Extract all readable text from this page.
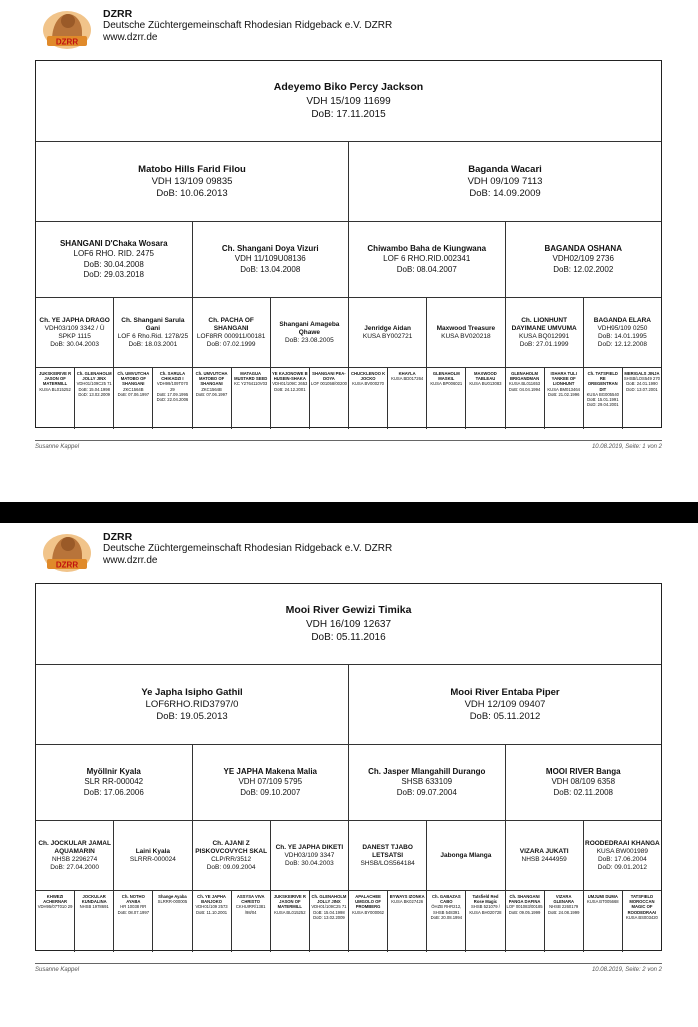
DZRR
DZRR
Deutsche Züchtergemeinschaft Rhodesian Ridgeback e.V. DZRR
www.dzrr.de
Adeyemo Biko Percy Jackson
VDH 15/109 11699
DoB: 17.11.2015
Matobo Hills Farid Filou
VDH 13/109 09835
DoB: 10.06.2013
Baganda Wacari
VDH 09/109 7113
DoB: 14.09.2009
SHANGANI D'Chaka Wosara
LOF6 RHO. RID. 2475
DoB: 30.04.2008
DoD: 29.03.2018
Ch. Shangani Doya Vizuri
VDH 11/109U08136
DoB: 13.04.2008
Chiwambo Baha de Kiungwana
LOF 6 RHO.RID.002341
DoB: 08.04.2007
BAGANDA OSHANA
VDH02/109 2736
DoB: 12.02.2002
Ch. YE JAPHA DRAGO
VDH03/109 3342 / Ü SPKP 1115
DoB: 30.04.2003
Ch. Shangani Sarula Gani
LOF 6 Rho.Rid. 1278/25
DoB: 18.03.2001
Ch. PACHA OF SHANGANI
LOF8RR 000911/00181
DoB: 07.02.1999
Shangani Amageba Qhawe
DoB: 23.08.2005
Jenridge Aidan
KUSA BY002721
Maxwood Treasure
KUSA BV020218
Ch. LIONHUNT DAYIMANE UMVUMA
KUSA BQ012991
DoB: 27.01.1999
BAGANDA ELARA
VDH95/109 0250
DoB: 14.01.1995
DoD: 12.12.2008
JUKSKEIRIVE R JASON OF MATERMILL
KUSA BL015252
Ch. GLENAHOLM JOLLY JINX
VDH01/109C25 71
DoB: 15.04.1998
DoD: 13.02.2009
Ch. UMVUTCHA MATOBO OF SHANGANI
ZKC1564B
DoB: 07.06.1997
Ch. SARULA CHIKADZI I
VDH99/109T070 29
DoB: 17.09.1995
DoD: 22.04.2006
Ch. UMVUTCHA MATOBO OF SHANGANI
ZKC1564B
DoB: 07.06.1997
MATAGUA MUSTARD SEED
KC Y2764110V03
YE KAJONOWE B HUSEIN-SHAKA
VDH01/109C 2653
DoB: 24.12.2001
SHANGANI PEA-DOYA
LOF 001058/00200
CHUCKLENOO K JOCKO
KUSA BV000270
KHAYLA
KUSA BD017264
GLENAHOLM MASKIL
KUSA BP006021
MAXWOOD TABLEAU
KUSA BU013083
GLENAHOLM BRIGANDMAN
KUSA BL011653
DoB: 04.04.1994
ISHARA TULI YANKEE OF LIONHUNT
KUSA BM013464
DoB: 21.02.1996
Ch. TATSFIELD RE OREGENTRAN DIT
KUSA BG005540
DoB: 15.01.1991
DoD: 29.04.2001
MERIGALS JINJA
SHSB/LOS549 270
DoB: 24.01.1990
DoD: 13.07.2001
Susanne Kappel	10.08.2019, Seite: 1 von 2
DZRR
DZRR
Deutsche Züchtergemeinschaft Rhodesian Ridgeback e.V. DZRR
www.dzrr.de
Mooi River Gewizi Timika
VDH 16/109 12637
DoB: 05.11.2016
Ye Japha Isipho Gathil
LOF6RHO.RID3797/0
DoB: 19.05.2013
Mooi River Entaba Piper
VDH 12/109 09407
DoB: 05.11.2012
Myöllnir Kyala
SLR RR-000042
DoB: 17.06.2006
YE JAPHA Makena Malia
VDH 07/109 5795
DoB: 09.10.2007
Ch. Jasper Mlangahill Durango
SHSB 633109
DoB: 09.07.2004
MOOI RIVER Banga
VDH 08/109 6358
DoB: 02.11.2008
Ch. JOCKULAR JAMAL AQUAMARIN
NHSB 2296274
DoB: 27.04.2000
Laini Kyala
SLRRR-000024
Ch. AJANI Z PISKOVCOVYCH SKAL
CLP/RR/3512
DoB: 09.09.2004
Ch. YE JAPHA DIKETI
VDH03/109 3347
DoB: 30.04.2003
DANEST TJABO LETSATSI
SHSB/LOS564184
Jabonga Mlanga
VIZARA JUKATI
NHSB 2444959
ROODEDRAAI KHANGA
KUSA BW001989
DoB: 17.06.2004
DoD: 09.01.2012
KHWEZI ACHERNAR
VDH95/07T010 29
JOCKULAR KUNDALINA
NHSB 1978691
Ch. NOTHO AYABA
HR 10038 RR
DoB: 08.07.1997
Shange Ayaba
SLRRR-000005
Ch. YE JAPHA BANJOKO
VDH01/109 2573
DoB: 11.10.2001
ASSYSA VIVA CHRISTO
CKHUIRR/1381 /98/04
JUKSKEIRIVE R JASON OF MATERMILL
KUSA BL015252
Ch. GLENAHOLM JOLLY JINX
VDH01/109C25 71
DoB: 15.04.1998
DoD: 13.02.2009
APALACHEE UMGOLO OF PROMBERG
KUSA BY000062
BYWAYS IZONKA
KUSA BK027426
Ch. GABAZAS CABO
ÖHZB RHR212, SHSB 548391
DoB: 20.08.1994
Tatsfield Red Rose Magic
SHSB 521079 / KUSA BH020728
Ch. SHANGANI PANGA DAFINA
LOF 001083/00185
DoB: 09.05.1999
VIZARA GLENARA
NHSB 2260179
DoB: 24.08.1999
UMJUMI DUMA
KUSA BT005668
TATSFIELD MOROCCAN MAGIC OF ROODEDRAAI
KUSA BS003420
Susanne Kappel	10.08.2019, Seite: 2 von 2
